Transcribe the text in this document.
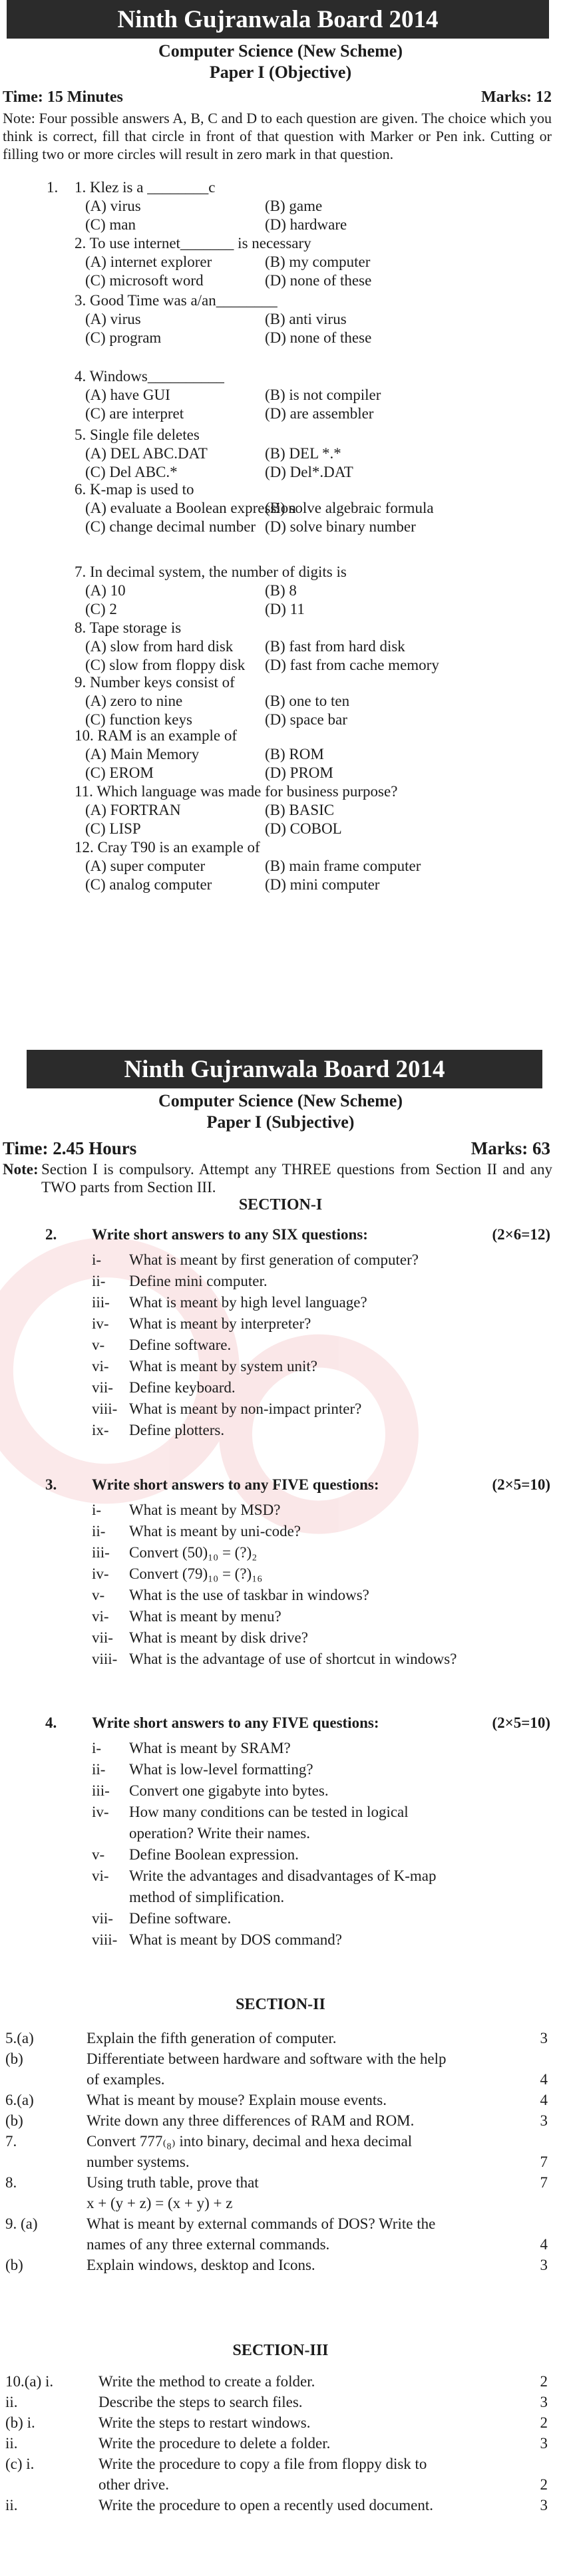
Ninth Gujranwala Board 2014
Computer Science (New Scheme)
Paper I (Objective)
Time: 15 Minutes	Marks: 12
Note: Four possible answers A, B, C and D to each question are given. The choice which you think is correct, fill that circle in front of that question with Marker or Pen ink. Cutting or filling two or more circles will result in zero mark in that question.
1. 1. Klez is a ________c
(A) virus	(B) game
(C) man	(D) hardware
2. To use internet_______ is necessary
(A) internet explorer	(B) my computer
(C) microsoft word	(D) none of these
3. Good Time was a/an________
(A) virus	(B) anti virus
(C) program	(D) none of these
4. Windows__________
(A) have GUI	(B) is not compiler
(C) are interpret	(D) are assembler
5. Single file deletes
(A) DEL ABC.DAT	(B) DEL *.*
(C) Del ABC.*	(D) Del*.DAT
6. K-map is used to
(A) evaluate a Boolean expression
(B) solve algebraic formula
(C) change decimal number (D) solve binary number
7. In decimal system, the number of digits is
(A) 10	(B) 8
(C) 2	(D) 11
8. Tape storage is
(A) slow from hard disk (B) fast from hard disk
(C) slow from floppy disk (D) fast from cache memory
9. Number keys consist of
(A) zero to nine	(B) one to ten
(C) function keys	(D) space bar
10. RAM is an example of
(A) Main Memory	(B) ROM
(C) EROM	(D) PROM
11. Which language was made for business purpose?
(A) FORTRAN	(B) BASIC
(C) LISP	(D) COBOL
12. Cray T90 is an example of
(A) super computer	(B) main frame computer
(C) analog computer	(D) mini computer
Ninth Gujranwala Board 2014
Computer Science (New Scheme)
Paper I (Subjective)
Time: 2.45 Hours	Marks: 63
Note: Section I is compulsory. Attempt any THREE questions from Section II and any TWO parts from Section III.
SECTION-I
2. Write short answers to any SIX questions:	(2×6=12)
i- What is meant by first generation of computer?
ii- Define mini computer.
iii- What is meant by high level language?
iv- What is meant by interpreter?
v- Define software.
vi- What is meant by system unit?
vii- Define keyboard.
viii- What is meant by non-impact printer?
ix- Define plotters.
3. Write short answers to any FIVE questions:	(2×5=10)
i- What is meant by MSD?
ii- What is meant by uni-code?
iii- Convert (50)₁₀ = (?)₂
iv- Convert (79)₁₀ = (?)₁₆
v- What is the use of taskbar in windows?
vi- What is meant by menu?
vii- What is meant by disk drive?
viii- What is the advantage of use of shortcut in windows?
4. Write short answers to any FIVE questions:	(2×5=10)
i- What is meant by SRAM?
ii- What is low-level formatting?
iii- Convert one gigabyte into bytes.
iv- How many conditions can be tested in logical
operation? Write their names.
v- Define Boolean expression.
vi- Write the advantages and disadvantages of K-map
method of simplification.
vii- Define software.
viii- What is meant by DOS command?
SECTION-II
5.(a)	Explain the fifth generation of computer.	3
(b)	Differentiate between hardware and software with the help
of examples.	4
6.(a)	What is meant by mouse? Explain mouse events.	4
(b)	Write down any three differences of RAM and ROM.	3
7.	Convert 777₍₈₎ into binary, decimal and hexa decimal
number systems.	7
8.	Using truth table, prove that	7
x + (y + z) = (x + y) + z
9. (a)	What is meant by external commands of DOS? Write the
names of any three external commands.	4
(b)	Explain windows, desktop and Icons.	3
SECTION-III
10.(a) i.	Write the method to create a folder.	2
ii.	Describe the steps to search files.	3
(b) i.	Write the steps to restart windows.	2
ii.	Write the procedure to delete a folder.	3
(c) i.	Write the procedure to copy a file from floppy disk to
other drive.	2
ii.	Write the procedure to open a recently used document.	3
